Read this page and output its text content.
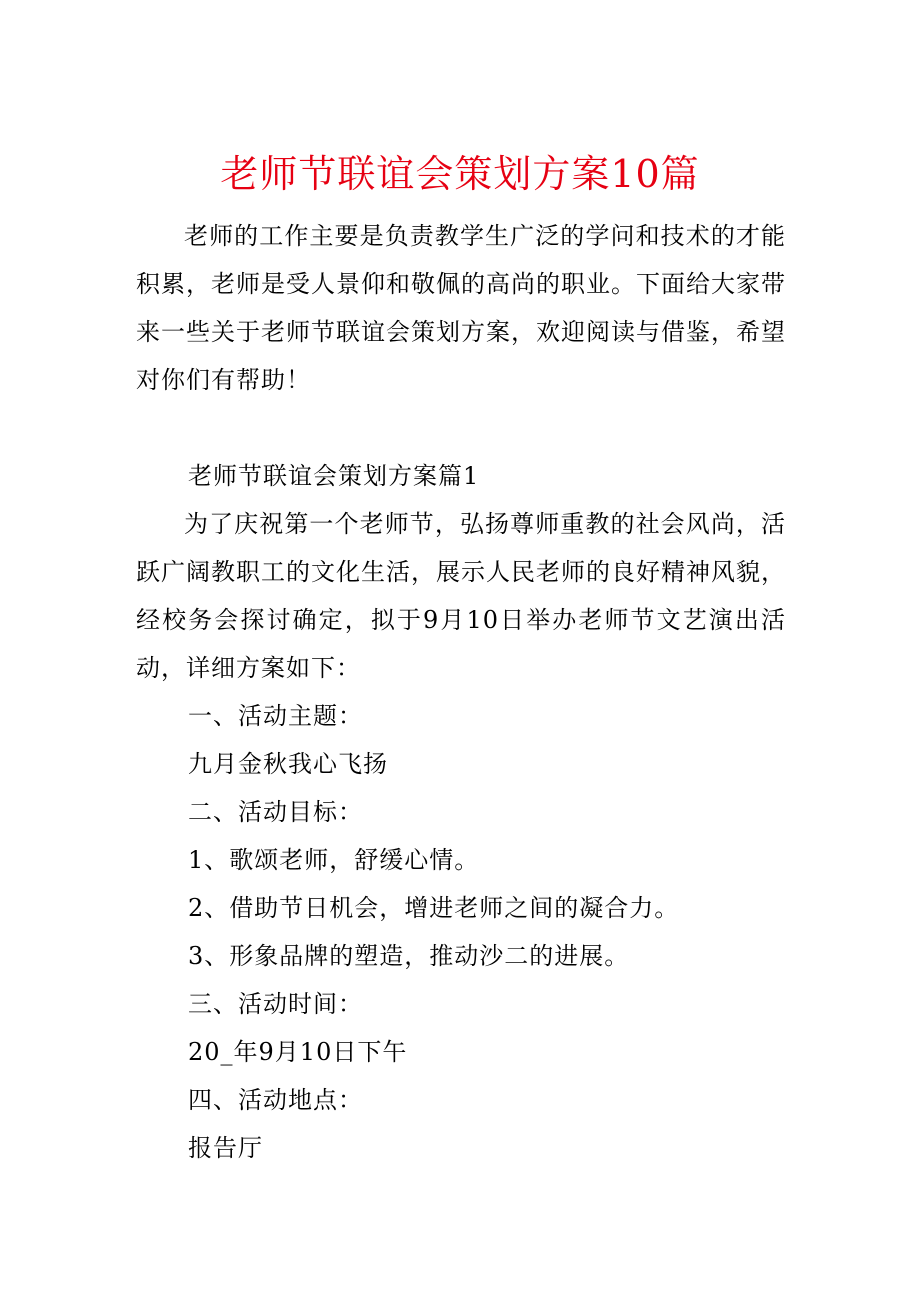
老师节联谊会策划方案10篇

老师的工作主要是负责教学生广泛的学问和技术的才能积累，老师是受人景仰和敬佩的高尚的职业。下面给大家带来一些关于老师节联谊会策划方案，欢迎阅读与借鉴，希望对你们有帮助！

老师节联谊会策划方案篇1

为了庆祝第一个老师节，弘扬尊师重教的社会风尚，活跃广阔教职工的文化生活，展示人民老师的良好精神风貌，经校务会探讨确定，拟于9月10日举办老师节文艺演出活动，详细方案如下：

一、活动主题：

九月金秋我心飞扬

二、活动目标：

1、歌颂老师，舒缓心情。

2、借助节日机会，增进老师之间的凝合力。

3、形象品牌的塑造，推动沙二的进展。

三、活动时间：

20_年9月10日下午

四、活动地点：

报告厅
